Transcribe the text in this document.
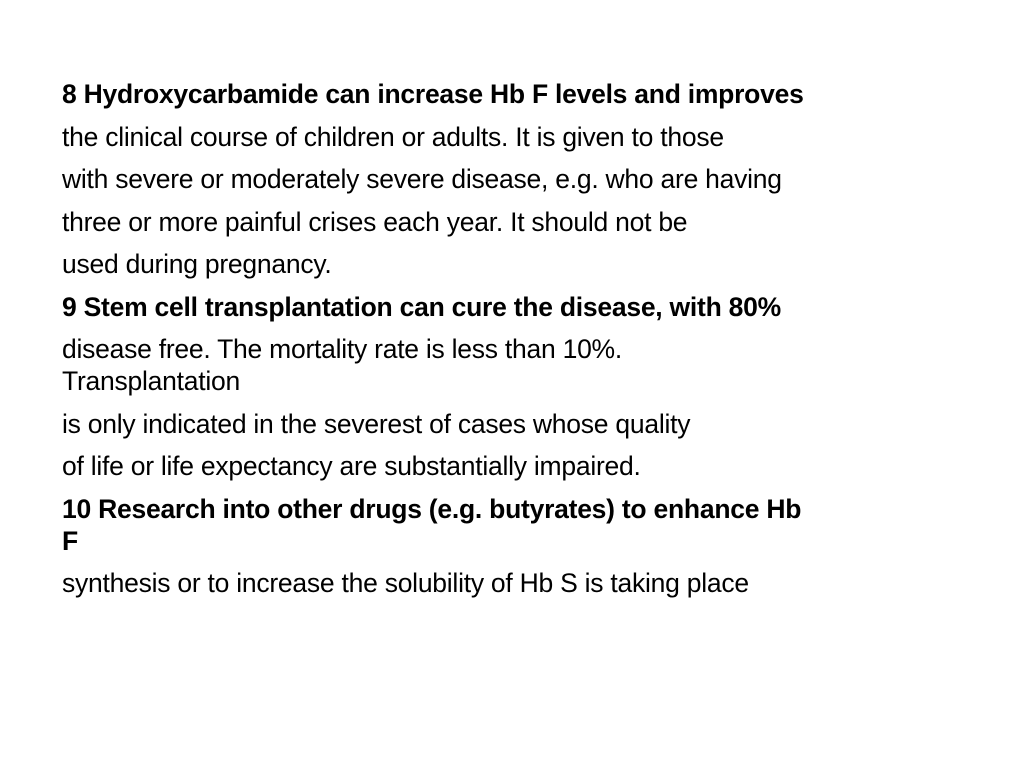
8 Hydroxycarbamide can increase Hb F levels and improves
the clinical course of children or adults. It is given to those
with severe or moderately severe disease, e.g. who are having
three or more painful crises each year. It should not be
used during pregnancy.
9 Stem cell transplantation can cure the disease, with 80%
disease free. The mortality rate is less than 10%.
Transplantation
is only indicated in the severest of cases whose quality
of life or life expectancy are substantially impaired.
10 Research into other drugs (e.g. butyrates) to enhance Hb
F
synthesis or to increase the solubility of Hb S is taking place
